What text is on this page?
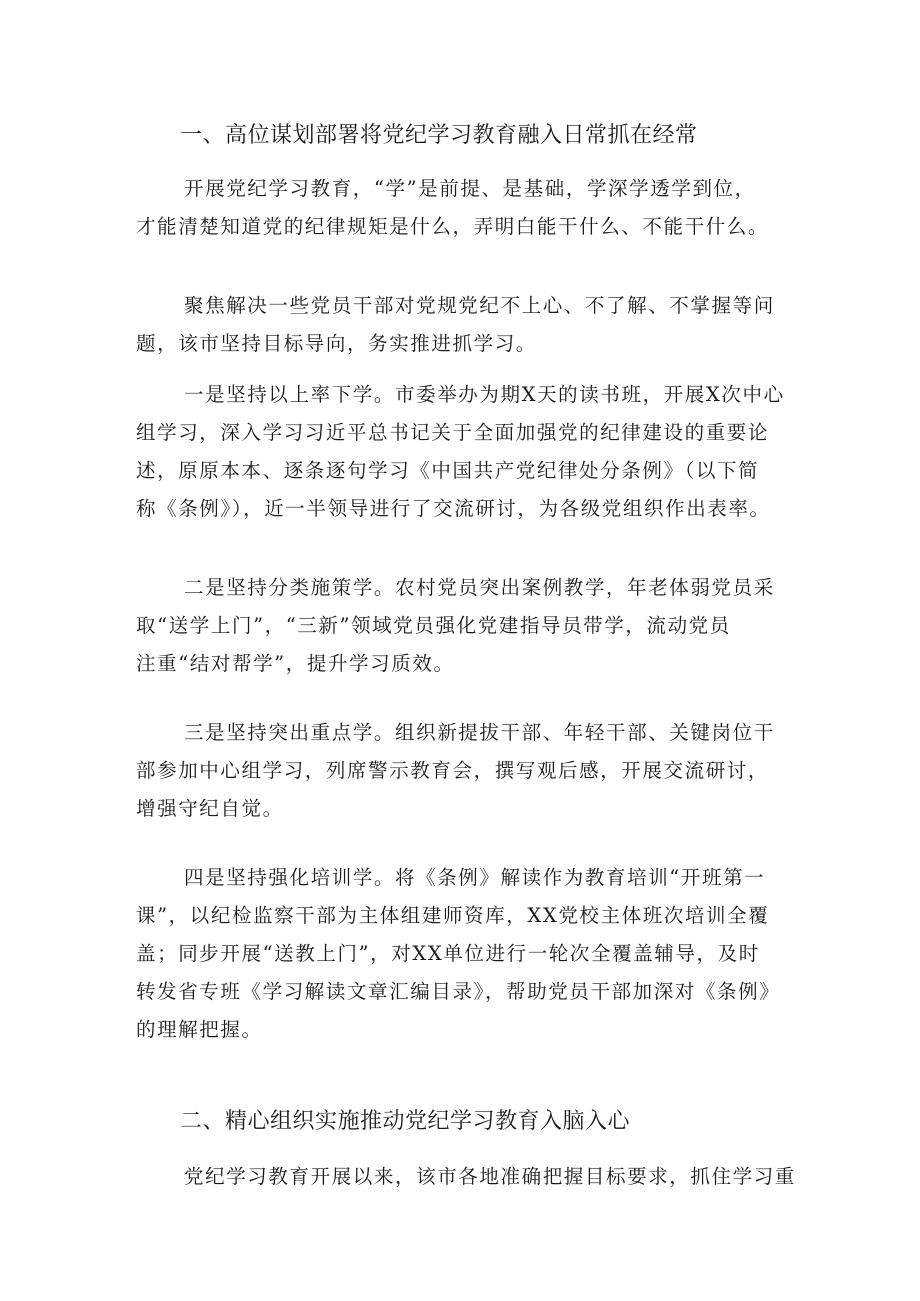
一、高位谋划部署将党纪学习教育融入日常抓在经常
开展党纪学习教育，“学”是前提、是基础，学深学透学到位，
才能清楚知道党的纪律规矩是什么，弄明白能干什么、不能干什么。
聚焦解决一些党员干部对党规党纪不上心、不了解、不掌握等问
题，该市坚持目标导向，务实推进抓学习。
一是坚持以上率下学。市委举办为期X天的读书班，开展X次中心
组学习，深入学习习近平总书记关于全面加强党的纪律建设的重要论
述，原原本本、逐条逐句学习《中国共产党纪律处分条例》（以下简
称《条例》），近一半领导进行了交流研讨，为各级党组织作出表率。
二是坚持分类施策学。农村党员突出案例教学，年老体弱党员采
取“送学上门”，“三新”领域党员强化党建指导员带学，流动党员
注重“结对帮学”，提升学习质效。
三是坚持突出重点学。组织新提拔干部、年轻干部、关键岗位干
部参加中心组学习，列席警示教育会，撰写观后感，开展交流研讨，
增强守纪自觉。
四是坚持强化培训学。将《条例》解读作为教育培训“开班第一
课”，以纪检监察干部为主体组建师资库，XX党校主体班次培训全覆
盖；同步开展“送教上门”，对XX单位进行一轮次全覆盖辅导，及时
转发省专班《学习解读文章汇编目录》，帮助党员干部加深对《条例》
的理解把握。
二、精心组织实施推动党纪学习教育入脑入心
党纪学习教育开展以来，该市各地准确把握目标要求，抓住学习重
